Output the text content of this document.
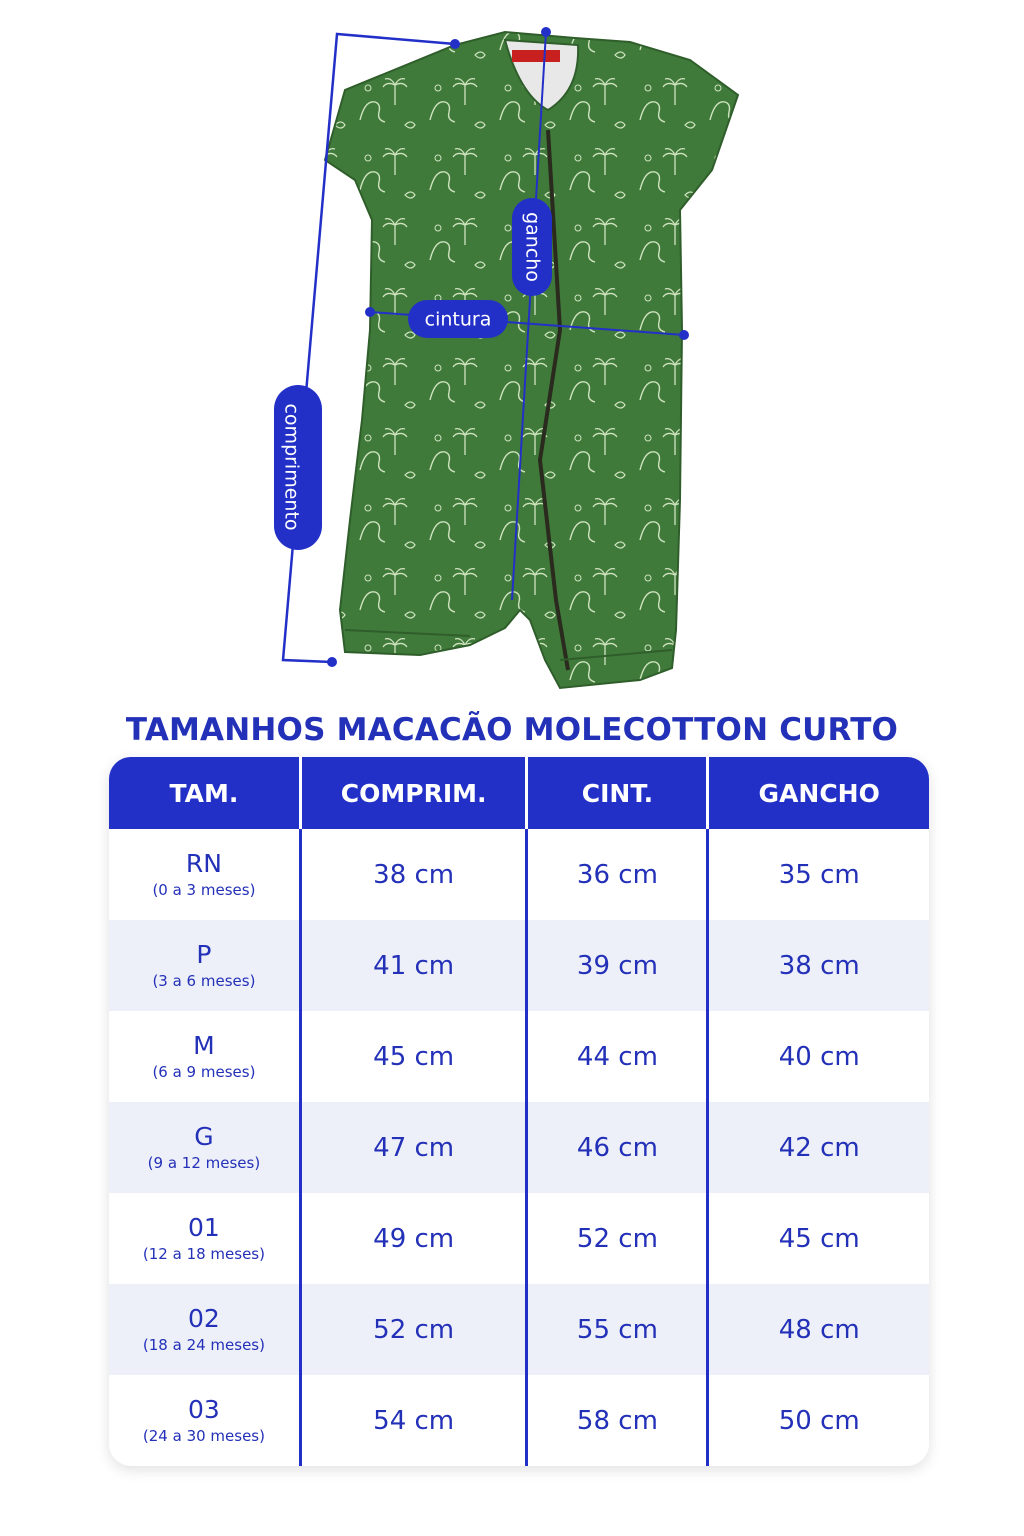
comprimento
gancho
cintura
TAMANHOS MACACÃO MOLECOTTON CURTO
TAM.	COMPRIM.	CINT.	GANCHO
RN
(0 a 3 meses)	38 cm	36 cm	35 cm
P
(3 a 6 meses)	41 cm	39 cm	38 cm
M
(6 a 9 meses)	45 cm	44 cm	40 cm
G
(9 a 12 meses)	47 cm	46 cm	42 cm
01
(12 a 18 meses)	49 cm	52 cm	45 cm
02
(18 a 24 meses)	52 cm	55 cm	48 cm
03
(24 a 30 meses)	54 cm	58 cm	50 cm
